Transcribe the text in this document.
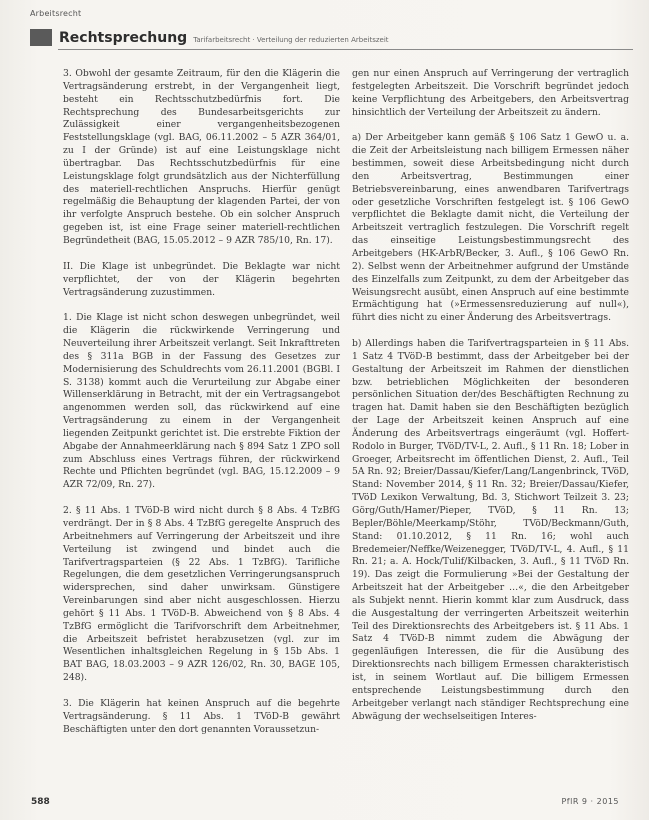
Arbeitsrecht
Rechtsprechung Tarifarbeitsrecht · Verteilung der reduzierten Arbeitszeit

3. Obwohl der gesamte Zeitraum, für den die Klägerin die Vertragsänderung erstrebt, in der Vergangenheit liegt, besteht ein Rechtsschutzbedürfnis fort. Die Rechtsprechung des Bundesarbeitsgerichts zur Zulässigkeit einer vergangenheitsbezogenen Feststellungsklage (vgl. BAG, 06.11.2002 – 5 AZR 364/01, zu I der Gründe) ist auf eine Leistungsklage nicht übertragbar. Das Rechtsschutzbedürfnis für eine Leistungsklage folgt grundsätzlich aus der Nichterfüllung des materiell-rechtlichen Anspruchs. Hierfür genügt regelmäßig die Behauptung der klagenden Partei, der von ihr verfolgte Anspruch bestehe. Ob ein solcher Anspruch gegeben ist, ist eine Frage seiner materiell-rechtlichen Begründetheit (BAG, 15.05.2012 – 9 AZR 785/10, Rn. 17).

II. Die Klage ist unbegründet. Die Beklagte war nicht verpflichtet, der von der Klägerin begehrten Vertragsänderung zuzustimmen.

1. Die Klage ist nicht schon deswegen unbegründet, weil die Klägerin die rückwirkende Verringerung und Neuverteilung ihrer Arbeitszeit verlangt. Seit Inkrafttreten des § 311a BGB in der Fassung des Gesetzes zur Modernisierung des Schuldrechts vom 26.11.2001 (BGBl. I S. 3138) kommt auch die Verurteilung zur Abgabe einer Willenserklärung in Betracht, mit der ein Vertragsangebot angenommen werden soll, das rückwirkend auf eine Vertragsänderung zu einem in der Vergangenheit liegenden Zeitpunkt gerichtet ist. Die erstrebte Fiktion der Abgabe der Annahmeerklärung nach § 894 Satz 1 ZPO soll zum Abschluss eines Vertrags führen, der rückwirkend Rechte und Pflichten begründet (vgl. BAG, 15.12.2009 – 9 AZR 72/09, Rn. 27).

2. § 11 Abs. 1 TVöD-B wird nicht durch § 8 Abs. 4 TzBfG verdrängt. Der in § 8 Abs. 4 TzBfG geregelte Anspruch des Arbeitnehmers auf Verringerung der Arbeitszeit und ihre Verteilung ist zwingend und bindet auch die Tarifvertragsparteien (§ 22 Abs. 1 TzBfG). Tarifliche Regelungen, die dem gesetzlichen Verringerungsanspruch widersprechen, sind daher unwirksam. Günstigere Vereinbarungen sind aber nicht ausgeschlossen. Hierzu gehört § 11 Abs. 1 TVöD-B. Abweichend von § 8 Abs. 4 TzBfG ermöglicht die Tarifvorschrift dem Arbeitnehmer, die Arbeitszeit befristet herabzusetzen (vgl. zur im Wesentlichen inhaltsgleichen Regelung in § 15b Abs. 1 BAT BAG, 18.03.2003 – 9 AZR 126/02, Rn. 30, BAGE 105, 248).

3. Die Klägerin hat keinen Anspruch auf die begehrte Vertragsänderung. § 11 Abs. 1 TVöD-B gewährt Beschäftigten unter den dort genannten Voraussetzun-

gen nur einen Anspruch auf Verringerung der vertraglich festgelegten Arbeitszeit. Die Vorschrift begründet jedoch keine Verpflichtung des Arbeitgebers, den Arbeitsvertrag hinsichtlich der Verteilung der Arbeitszeit zu ändern.

a) Der Arbeitgeber kann gemäß § 106 Satz 1 GewO u. a. die Zeit der Arbeitsleistung nach billigem Ermessen näher bestimmen, soweit diese Arbeitsbedingung nicht durch den Arbeitsvertrag, Bestimmungen einer Betriebsvereinbarung, eines anwendbaren Tarifvertrags oder gesetzliche Vorschriften festgelegt ist. § 106 GewO verpflichtet die Beklagte damit nicht, die Verteilung der Arbeitszeit vertraglich festzulegen. Die Vorschrift regelt das einseitige Leistungsbestimmungsrecht des Arbeitgebers (HK-ArbR/Becker, 3. Aufl., § 106 GewO Rn. 2). Selbst wenn der Arbeitnehmer aufgrund der Umstände des Einzelfalls zum Zeitpunkt, zu dem der Arbeitgeber das Weisungsrecht ausübt, einen Anspruch auf eine bestimmte Ermächtigung hat (»Ermessensreduzierung auf null«), führt dies nicht zu einer Änderung des Arbeitsvertrags.

b) Allerdings haben die Tarifvertragsparteien in § 11 Abs. 1 Satz 4 TVöD-B bestimmt, dass der Arbeitgeber bei der Gestaltung der Arbeitszeit im Rahmen der dienstlichen bzw. betrieblichen Möglichkeiten der besonderen persönlichen Situation der/des Beschäftigten Rechnung zu tragen hat. Damit haben sie den Beschäftigten bezüglich der Lage der Arbeitszeit keinen Anspruch auf eine Änderung des Arbeitsvertrags eingeräumt (vgl. Hoffert-Rodolo in Burger, TVöD/TV-L, 2. Aufl., § 11 Rn. 18; Lober in Groeger, Arbeitsrecht im öffentlichen Dienst, 2. Aufl., Teil 5A Rn. 92; Breier/Dassau/Kiefer/Lang/Langenbrinck, TVöD, Stand: November 2014, § 11 Rn. 32; Breier/Dassau/Kiefer, TVöD Lexikon Verwaltung, Bd. 3, Stichwort Teilzeit 3. 23; Görg/Guth/Hamer/Pieper, TVöD, § 11 Rn. 13; Bepler/Böhle/Meerkamp/Stöhr, TVöD/Beckmann/Guth, Stand: 01.10.2012, § 11 Rn. 16; wohl auch Bredemeier/Neffke/Weizenegger, TVöD/TV-L, 4. Aufl., § 11 Rn. 21; a. A. Hock/Tulif/Kilbacken, 3. Aufl., § 11 TVöD Rn. 19). Das zeigt die Formulierung »Bei der Gestaltung der Arbeitszeit hat der Arbeitgeber …«, die den Arbeitgeber als Subjekt nennt. Hierin kommt klar zum Ausdruck, dass die Ausgestaltung der verringerten Arbeitszeit weiterhin Teil des Direktionsrechts des Arbeitgebers ist. § 11 Abs. 1 Satz 4 TVöD-B nimmt zudem die Abwägung der gegenläufigen Interessen, die für die Ausübung des Direktionsrechts nach billigem Ermessen charakteristisch ist, in seinem Wortlaut auf. Die billigem Ermessen entsprechende Leistungsbestimmung durch den Arbeitgeber verlangt nach ständiger Rechtsprechung eine Abwägung der wechselseitigen Interes-

588	PflR 9 · 2015
